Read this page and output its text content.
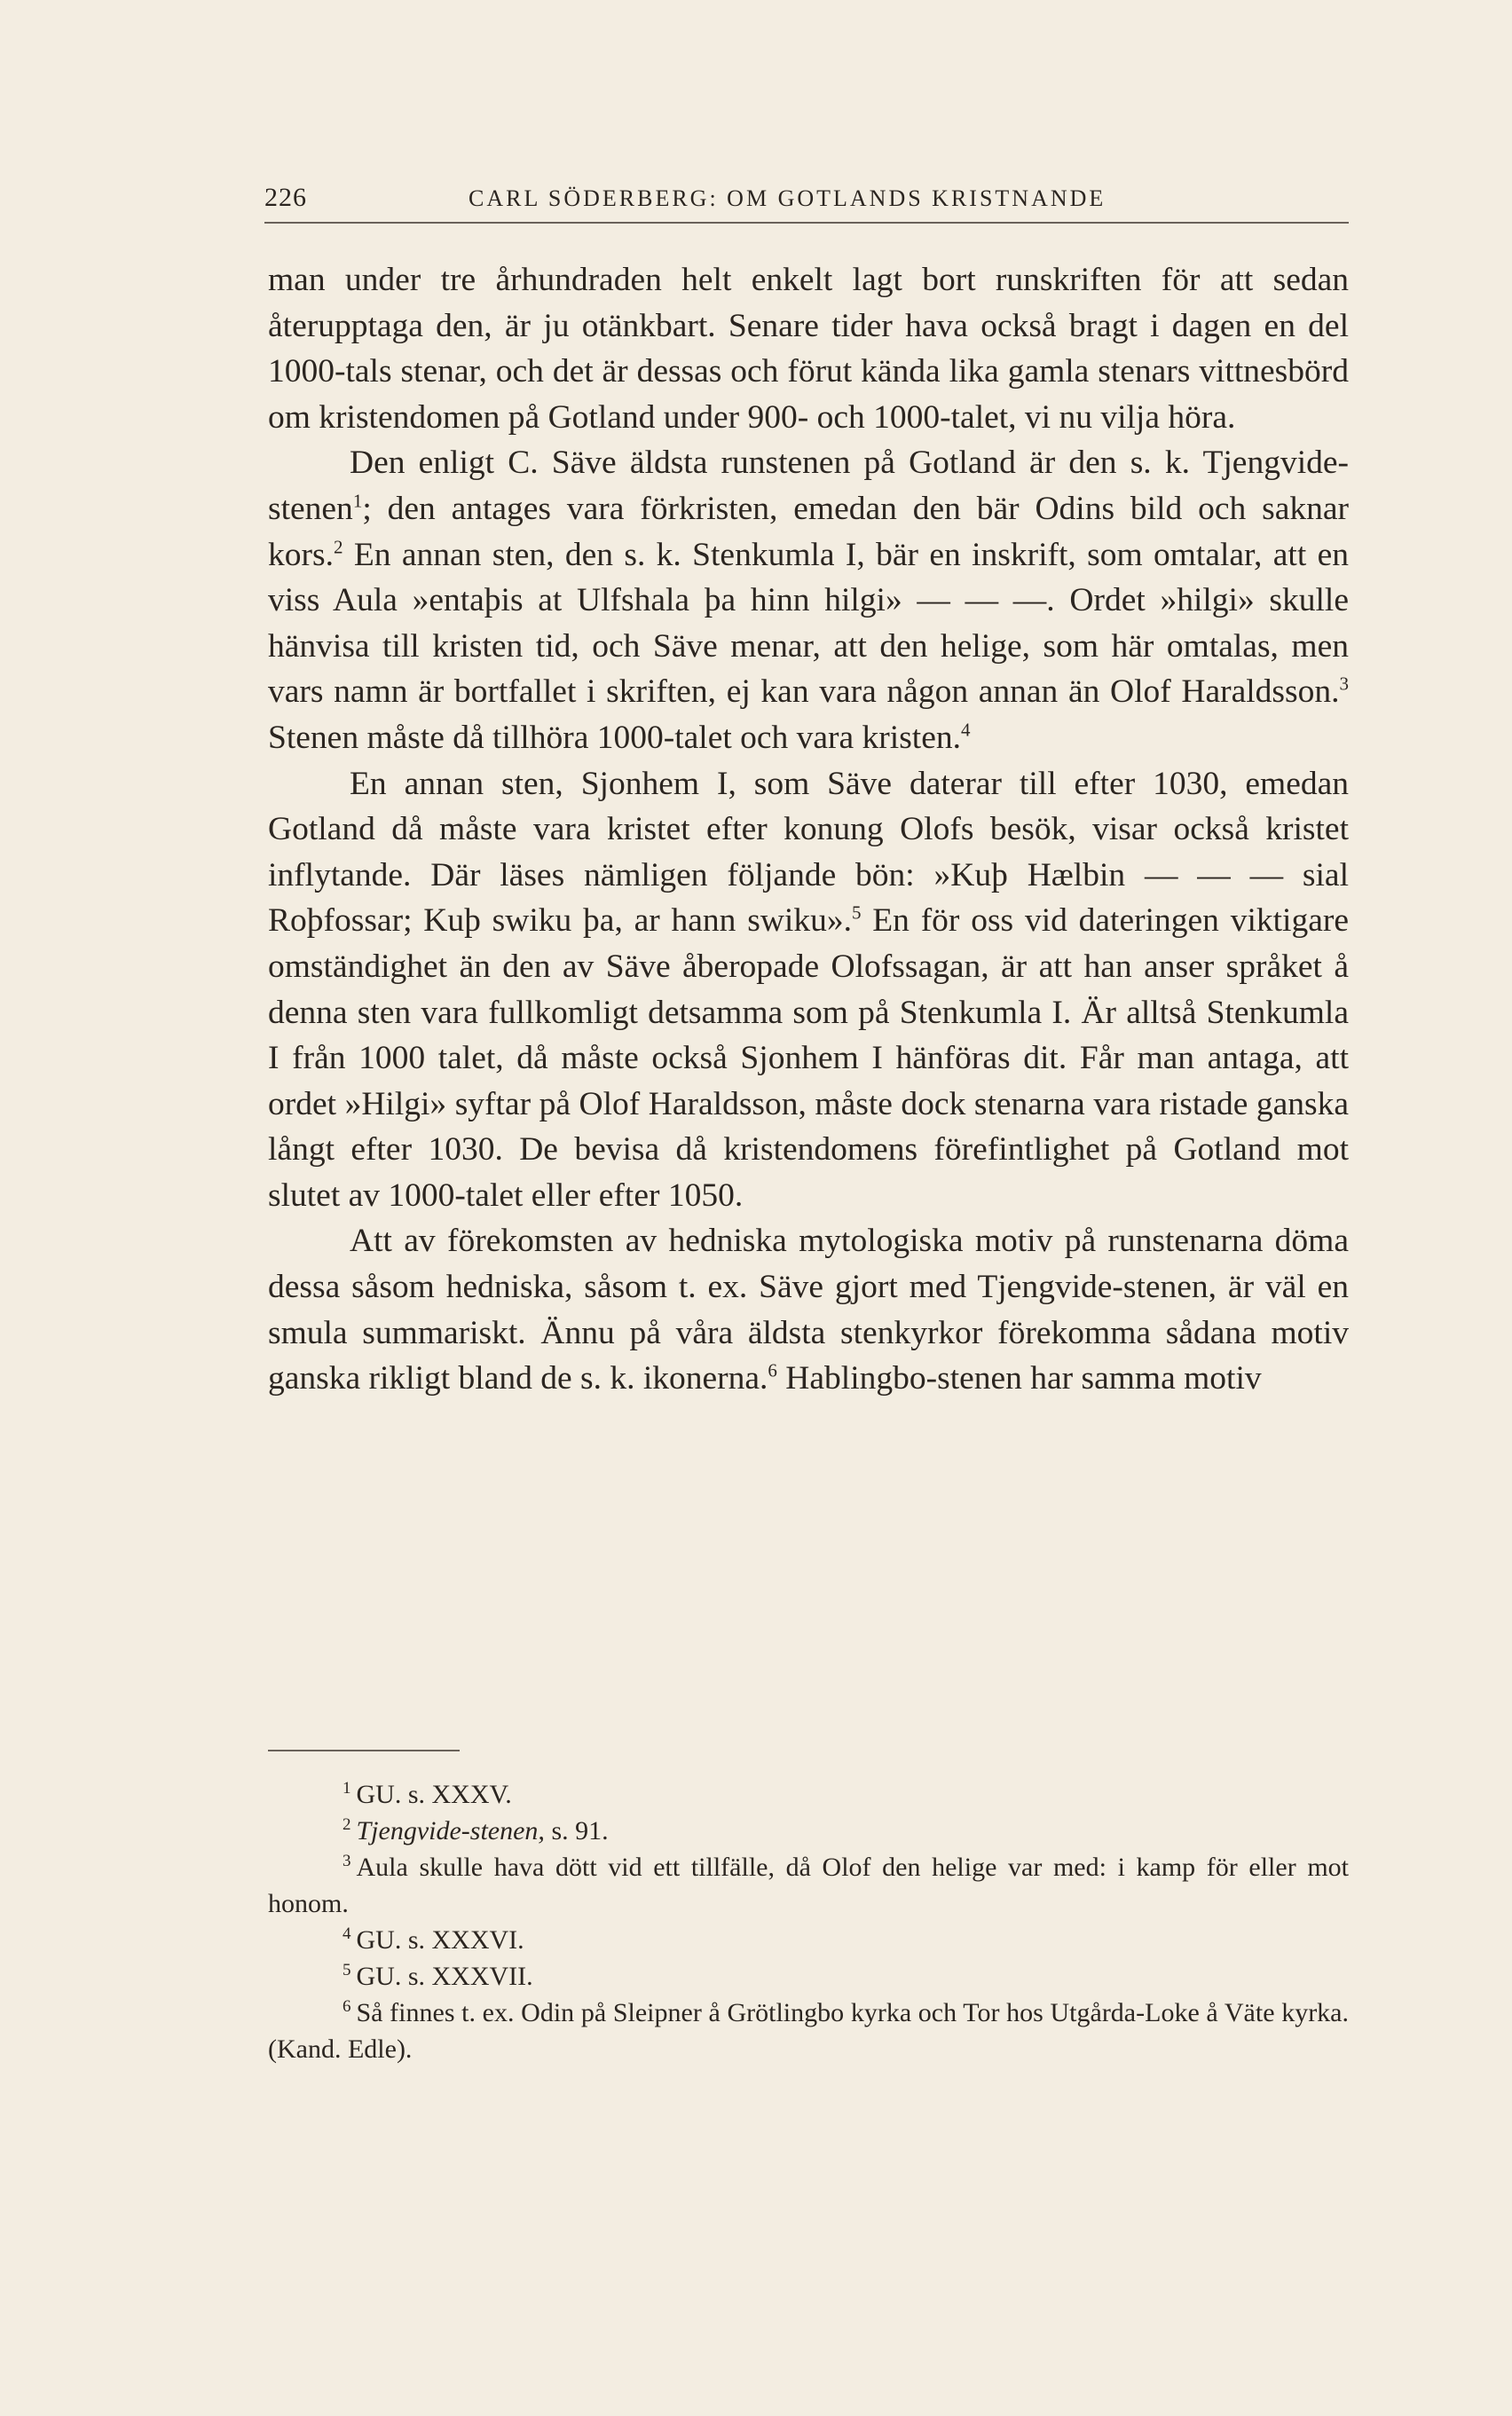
226	CARL SÖDERBERG: OM GOTLANDS KRISTNANDE

man under tre århundraden helt enkelt lagt bort runskriften för att sedan återupptaga den, är ju otänkbart. Senare tider hava också bragt i dagen en del 1000-tals stenar, och det är dessas och förut kända lika gamla stenars vittnesbörd om kristendomen på Gotland under 900- och 1000-talet, vi nu vilja höra.

Den enligt C. Säve äldsta runstenen på Gotland är den s. k. Tjengvide-stenen$^1$; den antages vara förkristen, emedan den bär Odins bild och saknar kors.$^2$ En annan sten, den s. k. Stenkumla I, bär en inskrift, som omtalar, att en viss Aula »entaþis at Ulfshala þa hinn hilgi» — — —. Ordet »hilgi» skulle hänvisa till kristen tid, och Säve menar, att den helige, som här omtalas, men vars namn är bortfallet i skriften, ej kan vara någon annan än Olof Haraldsson.$^3$ Stenen måste då tillhöra 1000-talet och vara kristen.$^4$

En annan sten, Sjonhem I, som Säve daterar till efter 1030, emedan Gotland då måste vara kristet efter konung Olofs besök, visar också kristet inflytande. Där läses nämligen följande bön: »Kuþ Hælbin — — — sial Roþfossar; Kuþ swiku þa, ar hann swiku».$^5$ En för oss vid dateringen viktigare omständighet än den av Säve åberopade Olofssagan, är att han anser språket å denna sten vara fullkomligt detsamma som på Stenkumla I. Är alltså Stenkumla I från 1000 talet, då måste också Sjonhem I hänföras dit. Får man antaga, att ordet »Hilgi» syftar på Olof Haraldsson, måste dock stenarna vara ristade ganska långt efter 1030. De bevisa då kristendomens förefintlighet på Gotland mot slutet av 1000-talet eller efter 1050.

Att av förekomsten av hedniska mytologiska motiv på runstenarna döma dessa såsom hedniska, såsom t. ex. Säve gjort med Tjengvide-stenen, är väl en smula summariskt. Ännu på våra äldsta stenkyrkor förekomma sådana motiv ganska rikligt bland de s. k. ikonerna.$^6$ Hablingbo-stenen har samma motiv

$^1$ GU. s. XXXV.

$^2$ Tjengvide-stenen, s. 91.

$^3$ Aula skulle hava dött vid ett tillfälle, då Olof den helige var med: i kamp för eller mot honom.

$^4$ GU. s. XXXVI.

$^5$ GU. s. XXXVII.

$^6$ Så finnes t. ex. Odin på Sleipner å Grötlingbo kyrka och Tor hos Utgårda-Loke å Väte kyrka. (Kand. Edle).
